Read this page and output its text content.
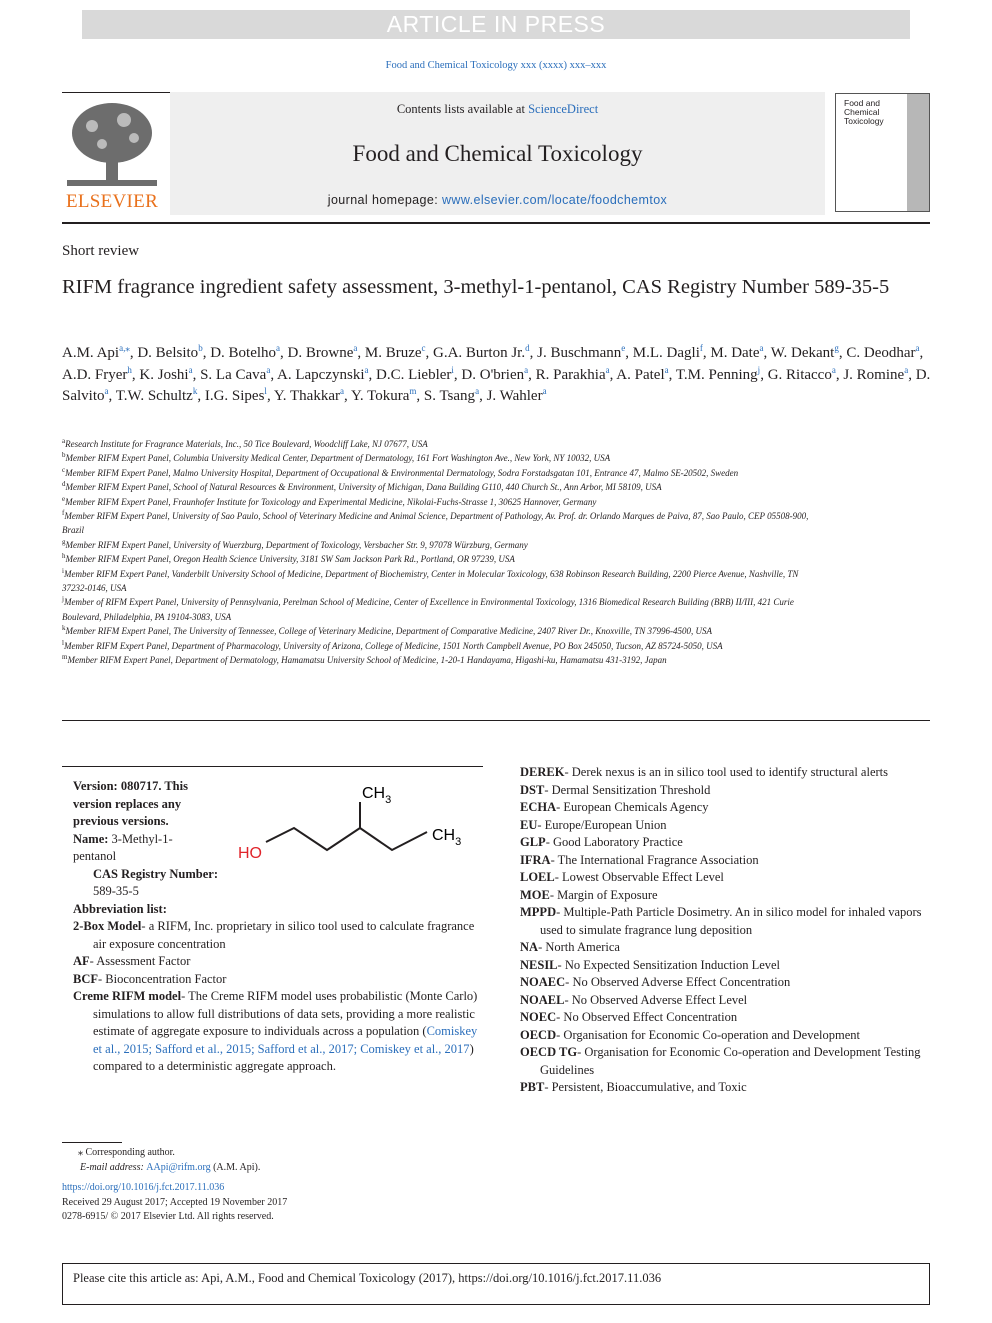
ARTICLE IN PRESS
Food and Chemical Toxicology xxx (xxxx) xxx–xxx
ELSEVIER
Contents lists available at ScienceDirect
Food and Chemical Toxicology
journal homepage: www.elsevier.com/locate/foodchemtox
Food and Chemical Toxicology
Short review
RIFM fragrance ingredient safety assessment, 3-methyl-1-pentanol, CAS Registry Number 589-35-5
A.M. Api$^{a,⁎}$, D. Belsito$^b$, D. Botelho$^a$, D. Browne$^a$, M. Bruze$^c$, G.A. Burton Jr.$^d$, J. Buschmann$^e$, M.L. Dagli$^f$, M. Date$^a$, W. Dekant$^g$, C. Deodhar$^a$, A.D. Fryer$^h$, K. Joshi$^a$, S. La Cava$^a$, A. Lapczynski$^a$, D.C. Liebler$^i$, D. O'brien$^a$, R. Parakhia$^a$, A. Patel$^a$, T.M. Penning$^j$, G. Ritacco$^a$, J. Romine$^a$, D. Salvito$^a$, T.W. Schultz$^k$, I.G. Sipes$^l$, Y. Thakkar$^a$, Y. Tokura$^m$, S. Tsang$^a$, J. Wahler$^a$
$^a$Research Institute for Fragrance Materials, Inc., 50 Tice Boulevard, Woodcliff Lake, NJ 07677, USA
$^b$Member RIFM Expert Panel, Columbia University Medical Center, Department of Dermatology, 161 Fort Washington Ave., New York, NY 10032, USA
$^c$Member RIFM Expert Panel, Malmo University Hospital, Department of Occupational & Environmental Dermatology, Sodra Forstadsgatan 101, Entrance 47, Malmo SE-20502, Sweden
$^d$Member RIFM Expert Panel, School of Natural Resources & Environment, University of Michigan, Dana Building G110, 440 Church St., Ann Arbor, MI 58109, USA
$^e$Member RIFM Expert Panel, Fraunhofer Institute for Toxicology and Experimental Medicine, Nikolai-Fuchs-Strasse 1, 30625 Hannover, Germany
$^f$Member RIFM Expert Panel, University of Sao Paulo, School of Veterinary Medicine and Animal Science, Department of Pathology, Av. Prof. dr. Orlando Marques de Paiva, 87, Sao Paulo, CEP 05508-900, Brazil
$^g$Member RIFM Expert Panel, University of Wuerzburg, Department of Toxicology, Versbacher Str. 9, 97078 Würzburg, Germany
$^h$Member RIFM Expert Panel, Oregon Health Science University, 3181 SW Sam Jackson Park Rd., Portland, OR 97239, USA
$^i$Member RIFM Expert Panel, Vanderbilt University School of Medicine, Department of Biochemistry, Center in Molecular Toxicology, 638 Robinson Research Building, 2200 Pierce Avenue, Nashville, TN 37232-0146, USA
$^j$Member of RIFM Expert Panel, University of Pennsylvania, Perelman School of Medicine, Center of Excellence in Environmental Toxicology, 1316 Biomedical Research Building (BRB) II/III, 421 Curie Boulevard, Philadelphia, PA 19104-3083, USA
$^k$Member RIFM Expert Panel, The University of Tennessee, College of Veterinary Medicine, Department of Comparative Medicine, 2407 River Dr., Knoxville, TN 37996-4500, USA
$^l$Member RIFM Expert Panel, Department of Pharmacology, University of Arizona, College of Medicine, 1501 North Campbell Avenue, PO Box 245050, Tucson, AZ 85724-5050, USA
$^m$Member RIFM Expert Panel, Department of Dermatology, Hamamatsu University School of Medicine, 1-20-1 Handayama, Higashi-ku, Hamamatsu 431-3192, Japan
Version: 080717. This version replaces any previous versions.
Name: 3-Methyl-1-pentanol
CAS Registry Number: 589-35-5
Abbreviation list:

2-Box Model- a RIFM, Inc. proprietary in silico tool used to calculate fragrance air exposure concentration

AF- Assessment Factor

BCF- Bioconcentration Factor

Creme RIFM model- The Creme RIFM model uses probabilistic (Monte Carlo) simulations to allow full distributions of data sets, providing a more realistic estimate of aggregate exposure to individuals across a population (Comiskey et al., 2015; Safford et al., 2015; Safford et al., 2017; Comiskey et al., 2017) compared to a deterministic aggregate approach.

HO
$CH_3$
$CH_3$

DEREK- Derek nexus is an in silico tool used to identify structural alerts

DST- Dermal Sensitization Threshold

ECHA- European Chemicals Agency

EU- Europe/European Union

GLP- Good Laboratory Practice

IFRA- The International Fragrance Association

LOEL- Lowest Observable Effect Level

MOE- Margin of Exposure

MPPD- Multiple-Path Particle Dosimetry. An in silico model for inhaled vapors used to simulate fragrance lung deposition

NA- North America

NESIL- No Expected Sensitization Induction Level

NOAEC- No Observed Adverse Effect Concentration

NOAEL- No Observed Adverse Effect Level

NOEC- No Observed Effect Concentration

OECD- Organisation for Economic Co-operation and Development

OECD TG- Organisation for Economic Co-operation and Development Testing Guidelines

PBT- Persistent, Bioaccumulative, and Toxic

⁎ Corresponding author.
E-mail address: AApi@rifm.org (A.M. Api).
https://doi.org/10.1016/j.fct.2017.11.036
Received 29 August 2017; Accepted 19 November 2017
0278-6915/ © 2017 Elsevier Ltd. All rights reserved.
Please cite this article as: Api, A.M., Food and Chemical Toxicology (2017), https://doi.org/10.1016/j.fct.2017.11.036
